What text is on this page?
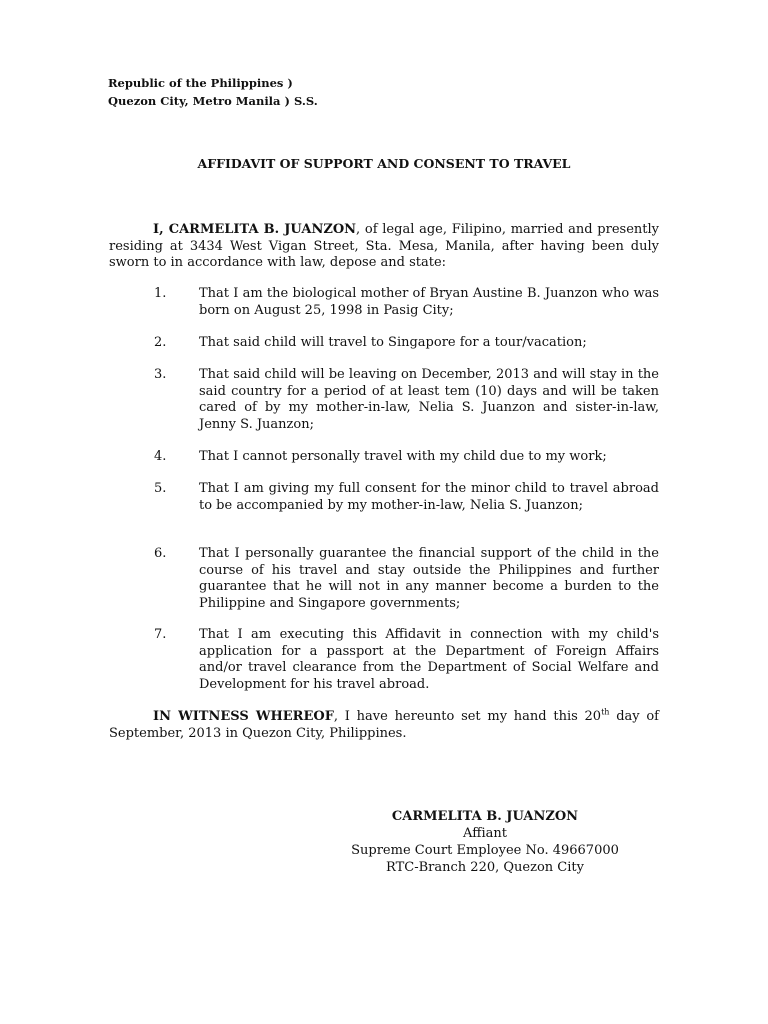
Republic of the Philippines )
Quezon City, Metro Manila ) S.S.
AFFIDAVIT OF SUPPORT AND CONSENT TO TRAVEL
I, CARMELITA B. JUANZON, of legal age, Filipino, married and presently residing at 3434 West Vigan Street, Sta. Mesa, Manila, after having been duly sworn to in accordance with law, depose and state:
1.	That I am the biological mother of Bryan Austine B. Juanzon who was born on August 25, 1998 in Pasig City;
2.	That said child will travel to Singapore for a tour/vacation;
3.	That said child will be leaving on December, 2013 and will stay in the said country for a period of at least tem (10) days and will be taken cared of by my mother-in-law, Nelia S. Juanzon and sister-in-law, Jenny S. Juanzon;
4.	That I cannot personally travel with my child due to my work;
5.	That I am giving my full consent for the minor child to travel abroad to be accompanied by my mother-in-law, Nelia S. Juanzon;
6.	That I personally guarantee the financial support of the child in the course of his travel and stay outside the Philippines and further guarantee that he will not in any manner become a burden to the Philippine and Singapore governments;
7.	That I am executing this Affidavit in connection with my child's application for a passport at the Department of Foreign Affairs and/or travel clearance from the Department of Social Welfare and Development for his travel abroad.
IN WITNESS WHEREOF, I have hereunto set my hand this 20th day of September, 2013 in Quezon City, Philippines.
CARMELITA B. JUANZON
Affiant
Supreme Court Employee No. 49667000
RTC-Branch 220, Quezon City
